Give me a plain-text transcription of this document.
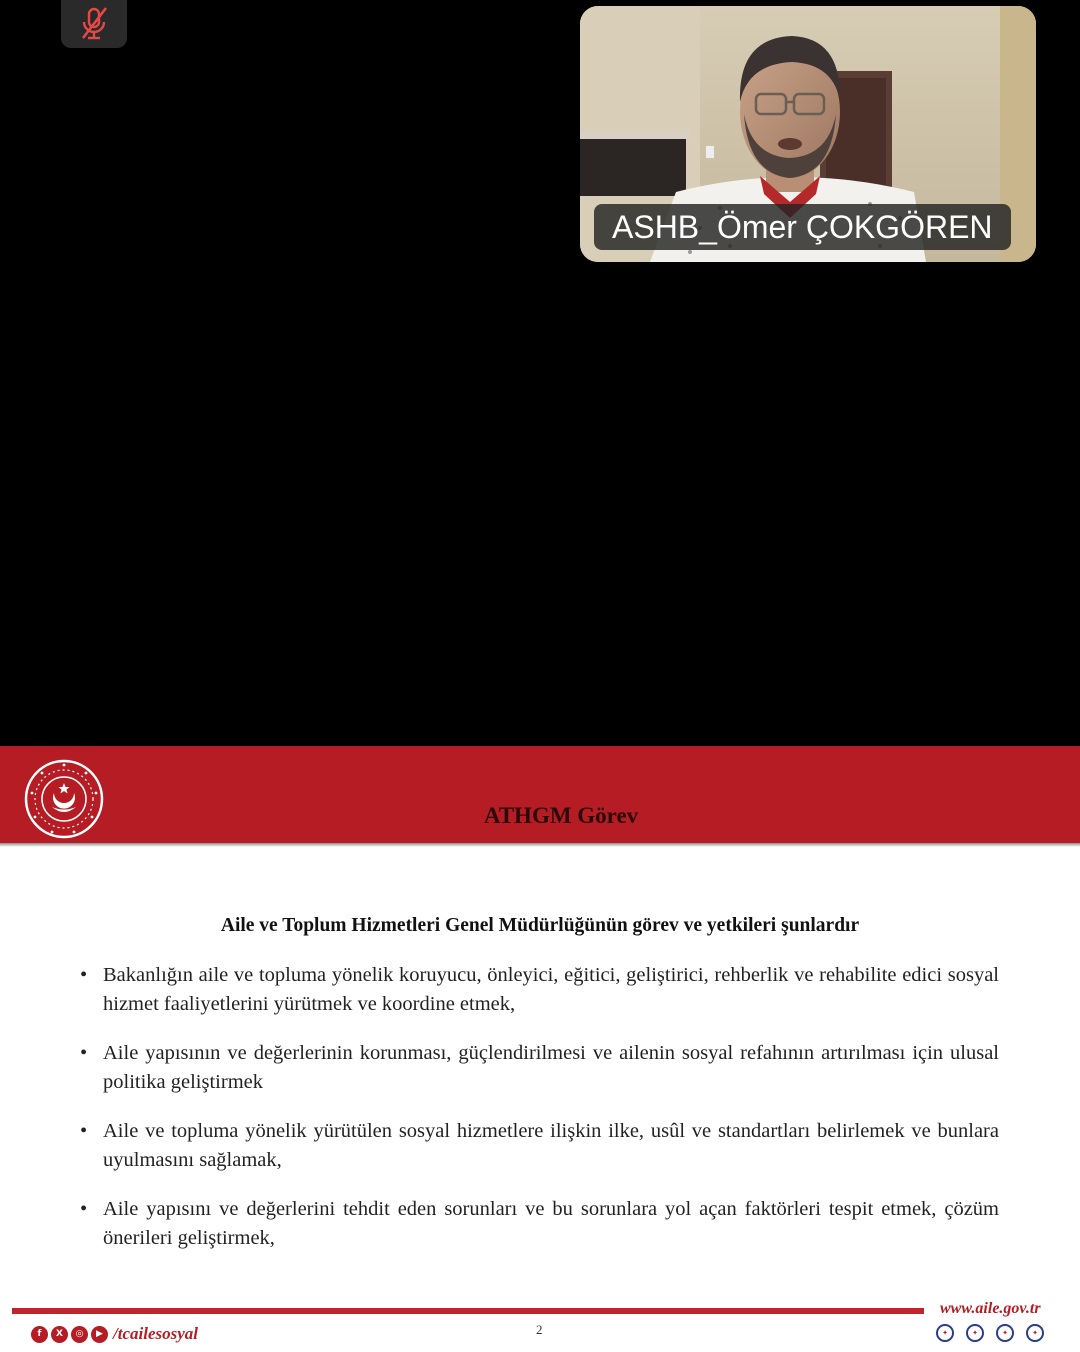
ASHB_Ömer ÇOKGÖREN
ATHGM Görev
Aile ve Toplum Hizmetleri Genel Müdürlüğünün görev ve yetkileri şunlardır
• Bakanlığın aile ve topluma yönelik koruyucu, önleyici, eğitici, geliştirici, rehberlik ve rehabilite edici sosyal hizmet faaliyetlerini yürütmek ve koordine etmek,
• Aile yapısının ve değerlerinin korunması, güçlendirilmesi ve ailenin sosyal refahının artırılması için ulusal politika geliştirmek
• Aile ve topluma yönelik yürütülen sosyal hizmetlere ilişkin ilke, usûl ve standartları belirlemek ve bunlara uyulmasını sağlamak,
• Aile yapısını ve değerlerini tehdit eden sorunları ve bu sorunlara yol açan faktörleri tespit etmek, çözüm önerileri geliştirmek,
www.aile.gov.tr
f	X	◎	▶ /tcailesosyal	2	✦	✦	✦	✦
